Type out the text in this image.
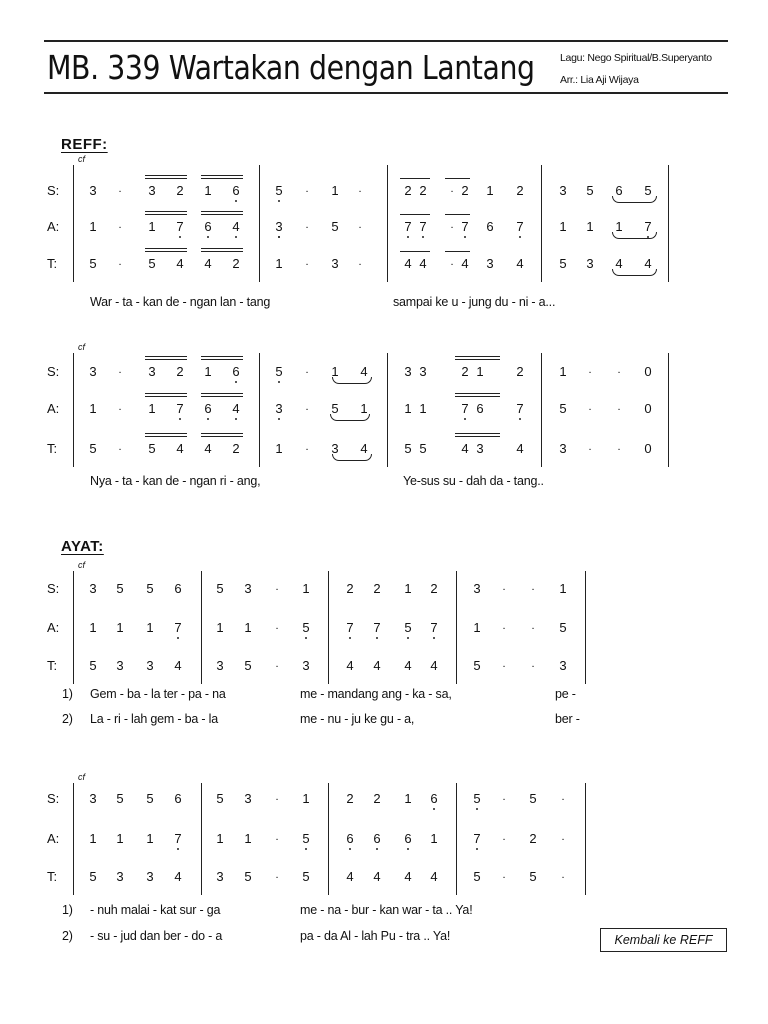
MB. 339 Wartakan dengan Lantang Lagu: Nego Spiritual/B.Superyanto
Arr.: Lia Aji Wijaya
REFF:
AYAT:
cf
S:	3	.	3	2	1	6	5	.	1	.	2 2	. 2	1	2	3	5	6	5
A:	1	.	1	7	6	4	3	.	5	.	7 7	. 7	6	7	1	1	1	7
T:	5	.	5	4	4	2	1	.	3	.	4 4	. 4	3	4	5	3	4	4
War - ta - kan de - ngan lan - tang	sampai ke u - jung du - ni - a...
cf
S:	3	.	3	2	1	6	5	.	1	4	3 3	2 1	2	1	.	.	0
A:	1	.	1	7	6	4	3	.	5	1	1 1	7 6	7	5	.	.	0
T:	5	.	5	4	4	2	1	.	3	4	5 5	4 3	4	3	.	.	0
Nya - ta - kan de - ngan ri - ang,	Ye-sus su - dah da - tang..
cf
S:	3	5	5	6	5	3	.	1	2	2	1	2	3	.	.	1
A:	1	1	1	7	1	1	.	5	7	7	5	7	1	.	.	5
T:	5	3	3	4	3	5	.	3	4	4	4	4	5	.	.	3
1) Gem - ba - la ter - pa - na	me - mandang ang - ka - sa,	pe -
2) La - ri - lah gem - ba - la	me - nu - ju ke gu - a,	ber -
cf
S:	3	5	5	6	5	3	.	1	2	2	1	6	5	.	5	.
A:	1	1	1	7	1	1	.	5	6	6	6	1	7	.	2	.
T:	5	3	3	4	3	5	.	5	4	4	4	4	5	.	5	.
1) - nuh malai - kat sur - ga	me - na - bur - kan war - ta .. Ya!
2) - su - jud dan ber - do - a	pa - da Al - lah Pu - tra .. Ya!	Kembali ke REFF
